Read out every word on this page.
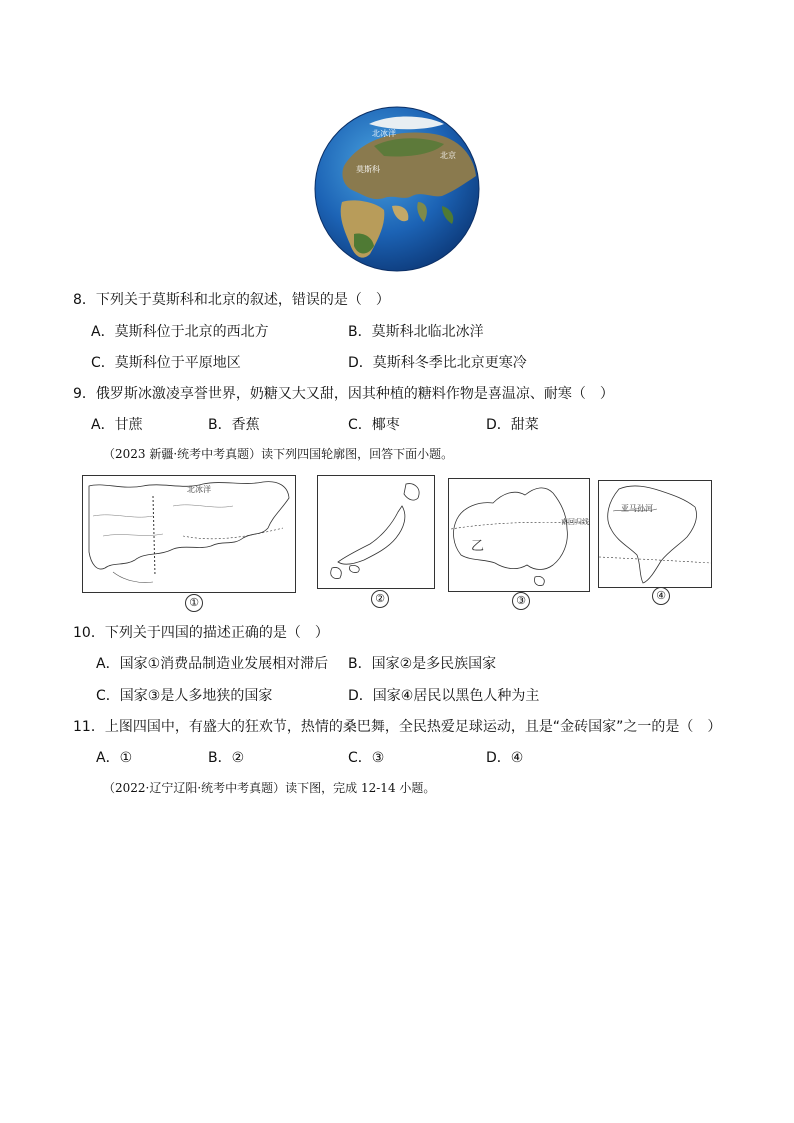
北冰洋
莫斯科
北京
8．下列关于莫斯科和北京的叙述，错误的是（　）
A．莫斯科位于北京的西北方	B．莫斯科北临北冰洋
C．莫斯科位于平原地区	D．莫斯科冬季比北京更寒冷
9．俄罗斯冰激凌享誉世界，奶糖又大又甜，因其种植的糖料作物是喜温凉、耐寒（　）
A．甘蔗	B．香蕉	C．椰枣	D．甜菜
（2023 新疆·统考中考真题）读下列四国轮廓图，回答下面小题。
北冰洋
①	②
乙
南回归线
③
亚马孙河
④
10．下列关于四国的描述正确的是（　）
A．国家①消费品制造业发展相对滞后 B．国家②是多民族国家
C．国家③是人多地狭的国家	D．国家④居民以黑色人种为主
11．上图四国中，有盛大的狂欢节，热情的桑巴舞，全民热爱足球运动，且是“金砖国家”之一的是（　）
A．①	B．②	C．③	D．④
（2022·辽宁辽阳·统考中考真题）读下图，完成 12-14 小题。
